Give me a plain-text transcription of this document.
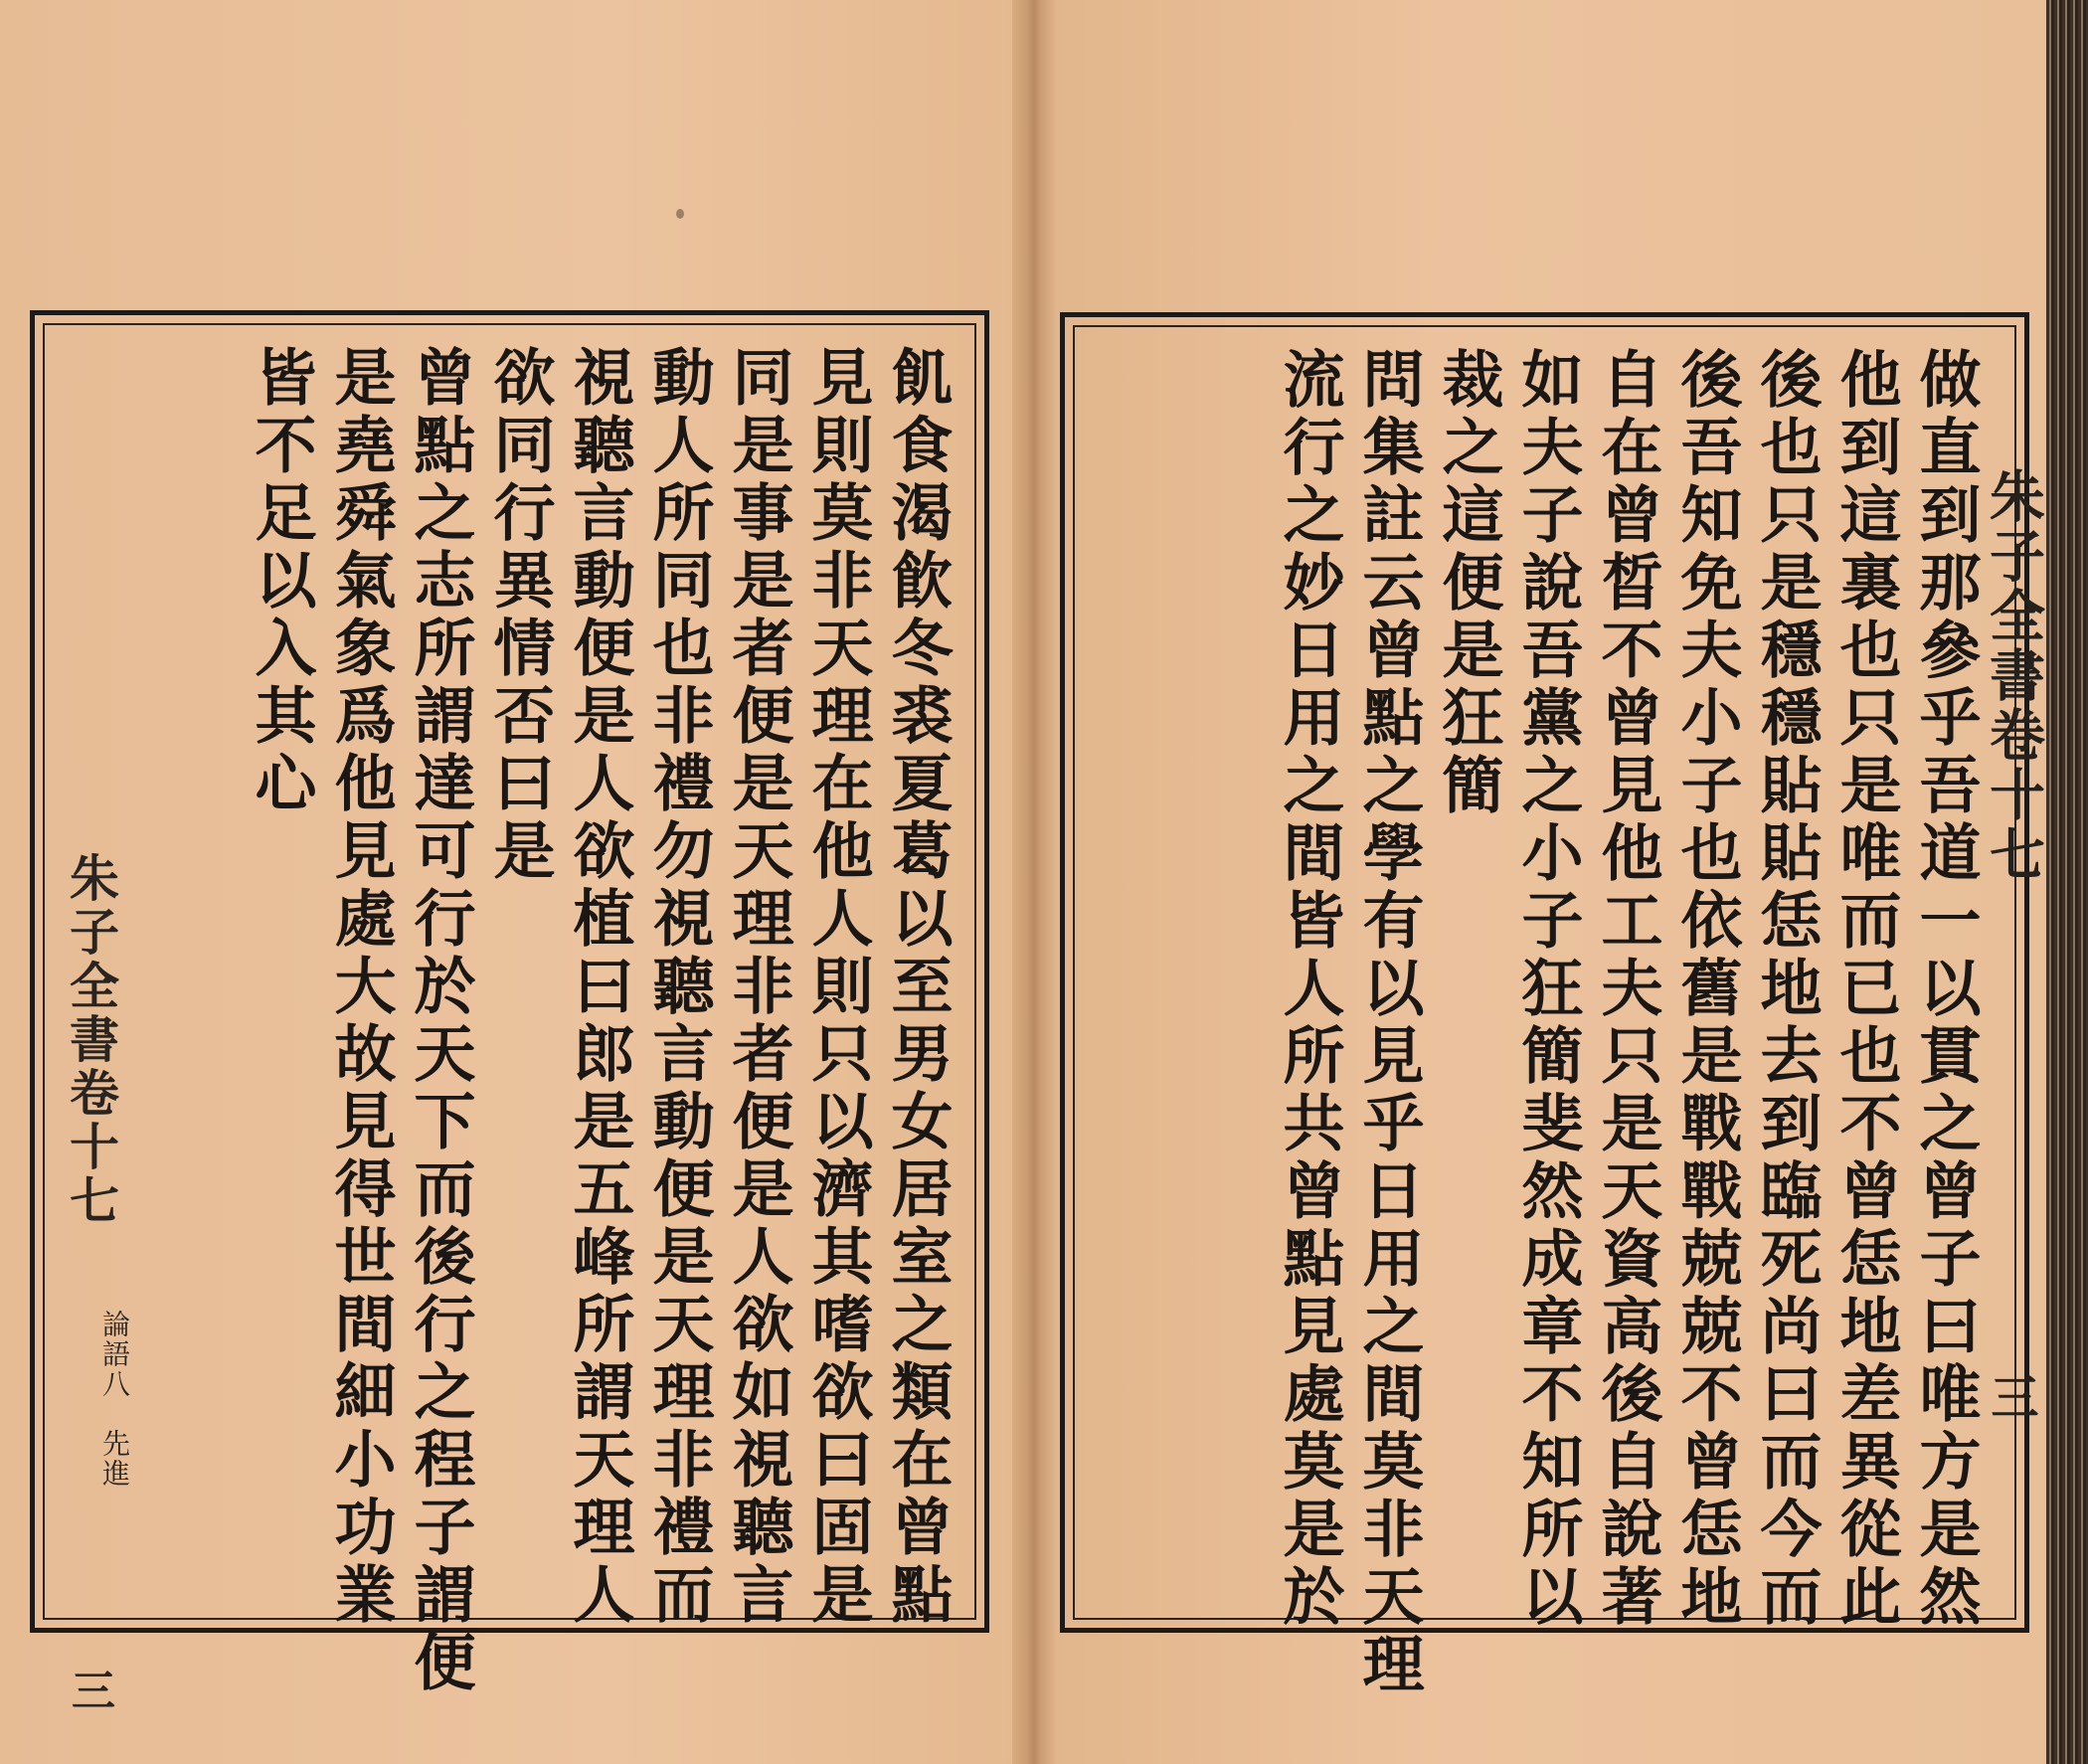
飢食渴飮冬裘夏葛以至男女居室之類在曾點
見則莫非天理在他人則只以濟其嗜欲曰固是
同是事是者便是天理非者便是人欲如視聽言
動人所同也非禮勿視聽言動便是天理非禮而
視聽言動便是人欲植曰郎是五峰所謂天理人
欲同行異情否曰是
曾點之志所謂達可行於天下而後行之程子謂便
是堯舜氣象爲他見處大故見得世間細小功業
皆不足以入其心
朱子全書卷十七
論語八　先進
三
做直到那參乎吾道一以貫之曾子曰唯方是然
他到這裏也只是唯而已也不曾恁地差異從此
後也只是穩穩貼貼恁地去到臨死尚曰而今而
後吾知免夫小子也依舊是戰戰兢兢不曾恁地
自在曾晳不曾見他工夫只是天資高後自說著
如夫子說吾黨之小子狂簡斐然成章不知所以
裁之這便是狂簡
問集註云曾點之學有以見乎日用之間莫非天理
流行之妙日用之間皆人所共曾點見處莫是於	朱子全書卷十七
三
